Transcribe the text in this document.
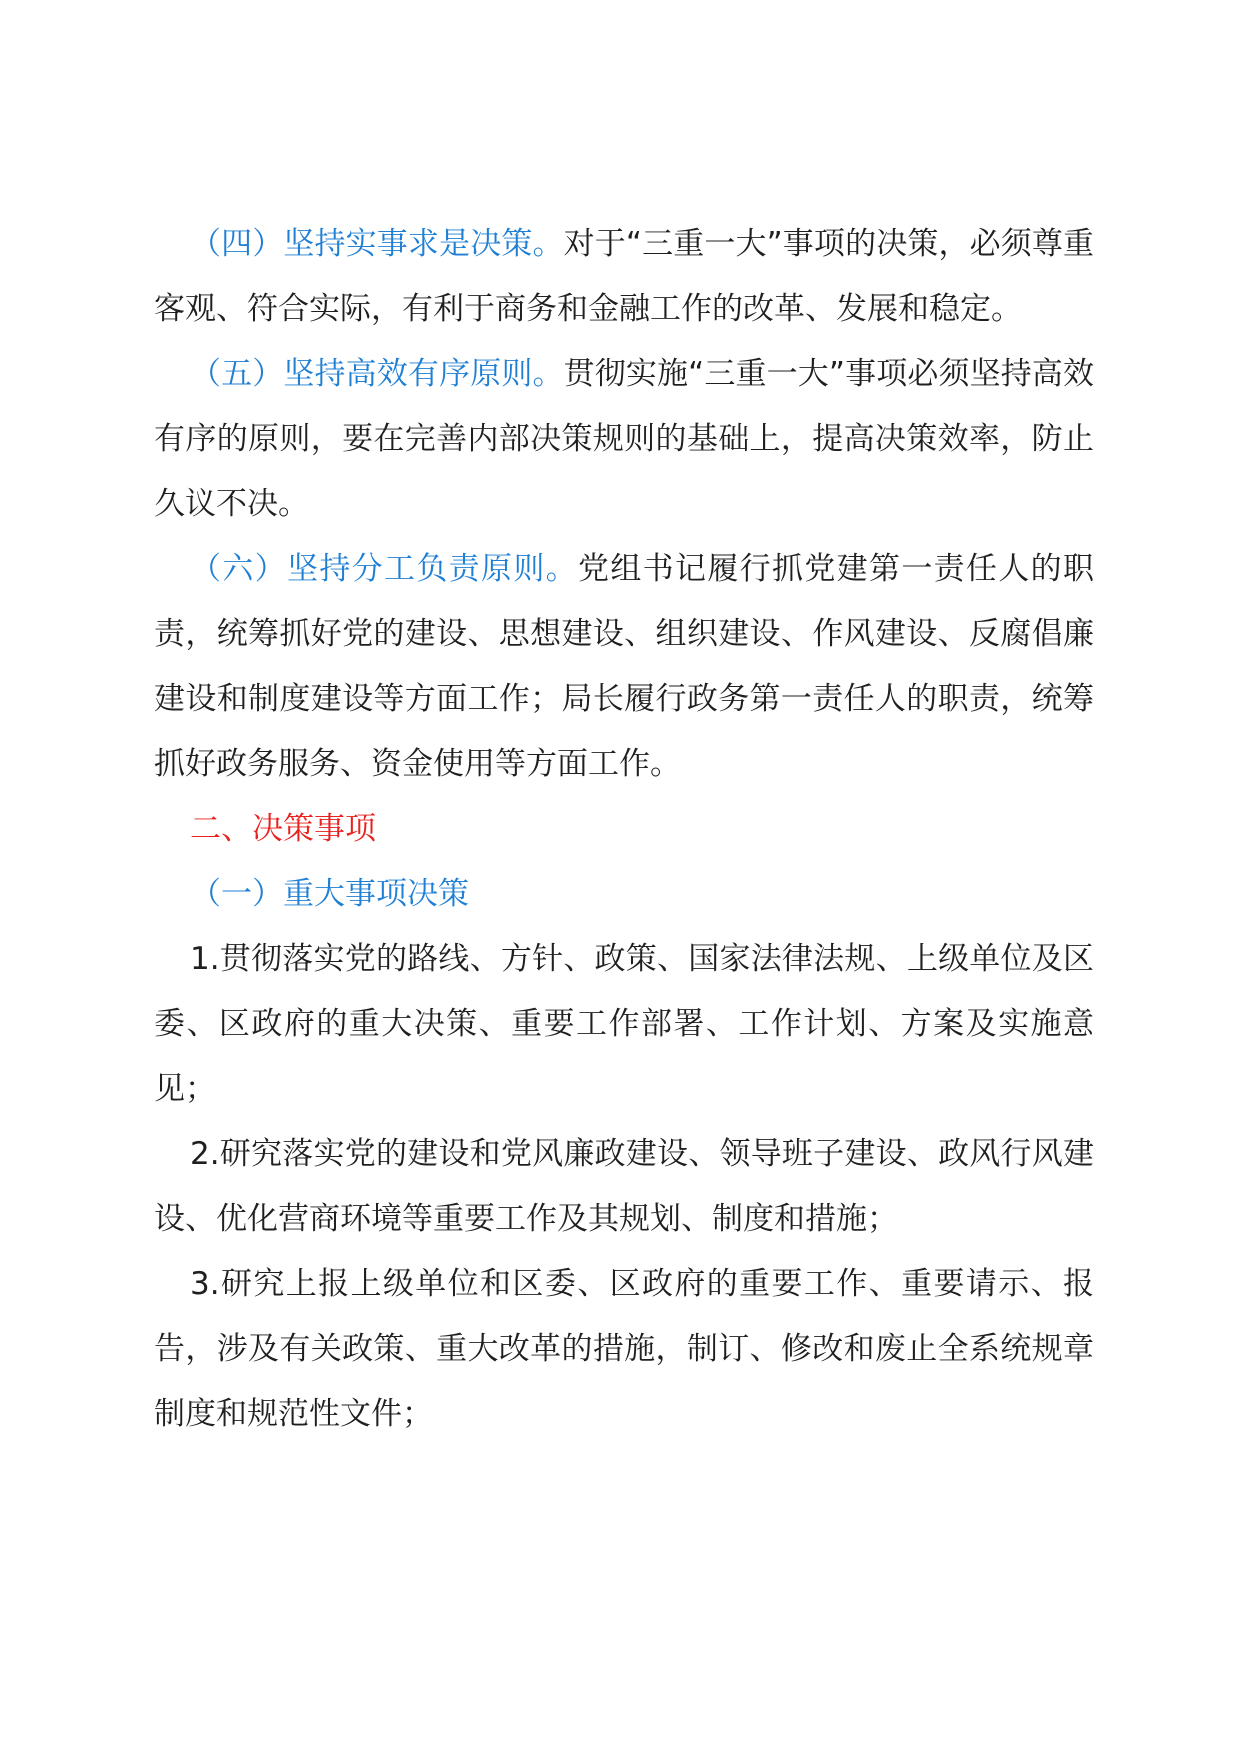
（四）坚持实事求是决策。对于“三重一大”事项的决策，必须尊重客观、符合实际，有利于商务和金融工作的改革、发展和稳定。

（五）坚持高效有序原则。贯彻实施“三重一大”事项必须坚持高效有序的原则，要在完善内部决策规则的基础上，提高决策效率，防止久议不决。

（六）坚持分工负责原则。党组书记履行抓党建第一责任人的职责，统筹抓好党的建设、思想建设、组织建设、作风建设、反腐倡廉建设和制度建设等方面工作；局长履行政务第一责任人的职责，统筹抓好政务服务、资金使用等方面工作。

二、决策事项

（一）重大事项决策

1.贯彻落实党的路线、方针、政策、国家法律法规、上级单位及区委、区政府的重大决策、重要工作部署、工作计划、方案及实施意见；

2.研究落实党的建设和党风廉政建设、领导班子建设、政风行风建设、优化营商环境等重要工作及其规划、制度和措施；

3.研究上报上级单位和区委、区政府的重要工作、重要请示、报告，涉及有关政策、重大改革的措施，制订、修改和废止全系统规章制度和规范性文件；
